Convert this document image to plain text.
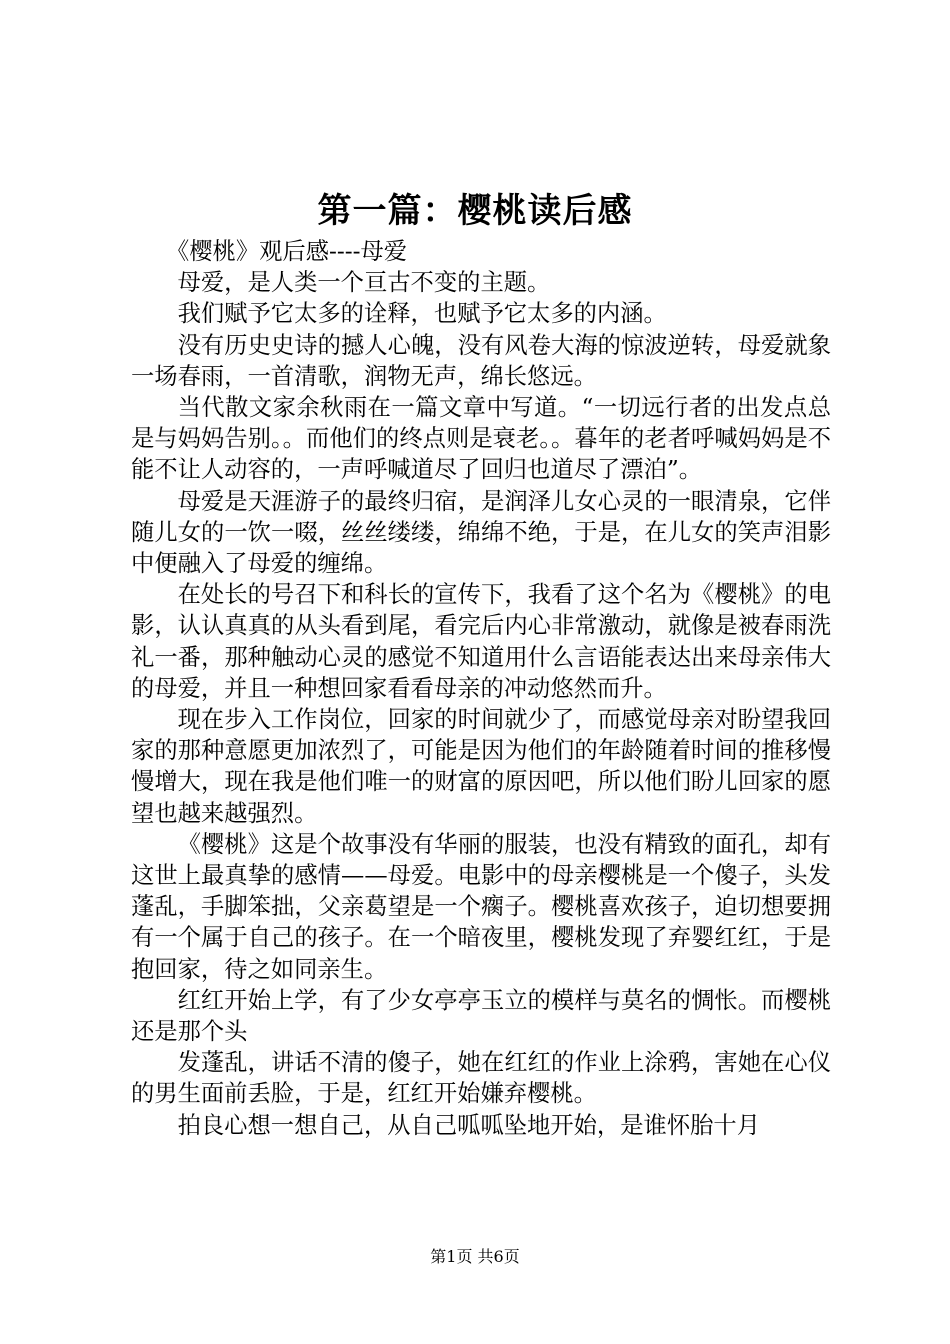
第一篇：樱桃读后感

《樱桃》观后感----母爱

母爱，是人类一个亘古不变的主题。

我们赋予它太多的诠释，也赋予它太多的内涵。

没有历史史诗的撼人心魄，没有风卷大海的惊波逆转，母爱就象一场春雨，一首清歌，润物无声，绵长悠远。

当代散文家余秋雨在一篇文章中写道。“一切远行者的出发点总是与妈妈告别。。而他们的终点则是衰老。。暮年的老者呼喊妈妈是不能不让人动容的，一声呼喊道尽了回归也道尽了漂泊”。

母爱是天涯游子的最终归宿，是润泽儿女心灵的一眼清泉，它伴随儿女的一饮一啜，丝丝缕缕，绵绵不绝，于是，在儿女的笑声泪影中便融入了母爱的缠绵。

在处长的号召下和科长的宣传下，我看了这个名为《樱桃》的电影，认认真真的从头看到尾，看完后内心非常激动，就像是被春雨洗礼一番，那种触动心灵的感觉不知道用什么言语能表达出来母亲伟大的母爱，并且一种想回家看看母亲的冲动悠然而升。

现在步入工作岗位，回家的时间就少了，而感觉母亲对盼望我回家的那种意愿更加浓烈了，可能是因为他们的年龄随着时间的推移慢慢增大，现在我是他们唯一的财富的原因吧，所以他们盼儿回家的愿望也越来越强烈。

《樱桃》这是个故事没有华丽的服装，也没有精致的面孔，却有这世上最真挚的感情——母爱。电影中的母亲樱桃是一个傻子，头发蓬乱，手脚笨拙，父亲葛望是一个瘸子。樱桃喜欢孩子，迫切想要拥有一个属于自己的孩子。在一个暗夜里，樱桃发现了弃婴红红，于是抱回家，待之如同亲生。

红红开始上学，有了少女亭亭玉立的模样与莫名的惆怅。而樱桃还是那个头

发蓬乱，讲话不清的傻子，她在红红的作业上涂鸦，害她在心仪的男生面前丢脸，于是，红红开始嫌弃樱桃。

拍良心想一想自己，从自己呱呱坠地开始，是谁怀胎十月

第1页 共6页
